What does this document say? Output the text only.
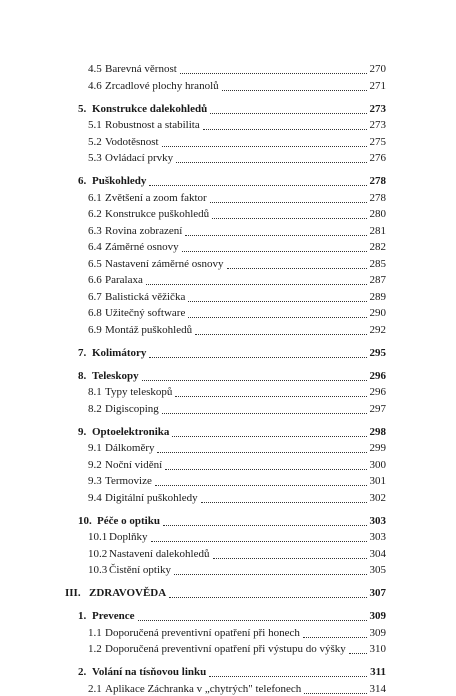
4.5 Barevná věrnost	270
4.6 Zrcadlové plochy hranolů	271
5. Konstrukce dalekohledů	273
5.1 Robustnost a stabilita	273
5.2 Vodotěsnost	275
5.3 Ovládací prvky	276
6. Puškohledy	278
6.1 Zvětšení a zoom faktor	278
6.2 Konstrukce puškohledů	280
6.3 Rovina zobrazení	281
6.4 Záměrné osnovy	282
6.5 Nastavení záměrné osnovy	285
6.6 Paralaxa	287
6.7 Balistická věžička	289
6.8 Užitečný software	290
6.9 Montáž puškohledů	292
7. Kolimátory	295
8. Teleskopy	296
8.1 Typy teleskopů	296
8.2 Digiscoping	297
9. Optoelektronika	298
9.1 Dálkoměry	299
9.2 Noční vidění	300
9.3 Termovize	301
9.4 Digitální puškohledy	302
10. Péče o optiku	303
10.1 Doplňky	303
10.2 Nastavení dalekohledů	304
10.3 Čistění optiky	305
III. ZDRAVOVĚDA	307
1. Prevence	309
1.1 Doporučená preventivní opatření při honech	309
1.2 Doporučená preventivní opatření při výstupu do výšky 310
2. Volání na tísňovou linku	311
2.1 Aplikace Záchranka v „chytrých" telefonech	314
